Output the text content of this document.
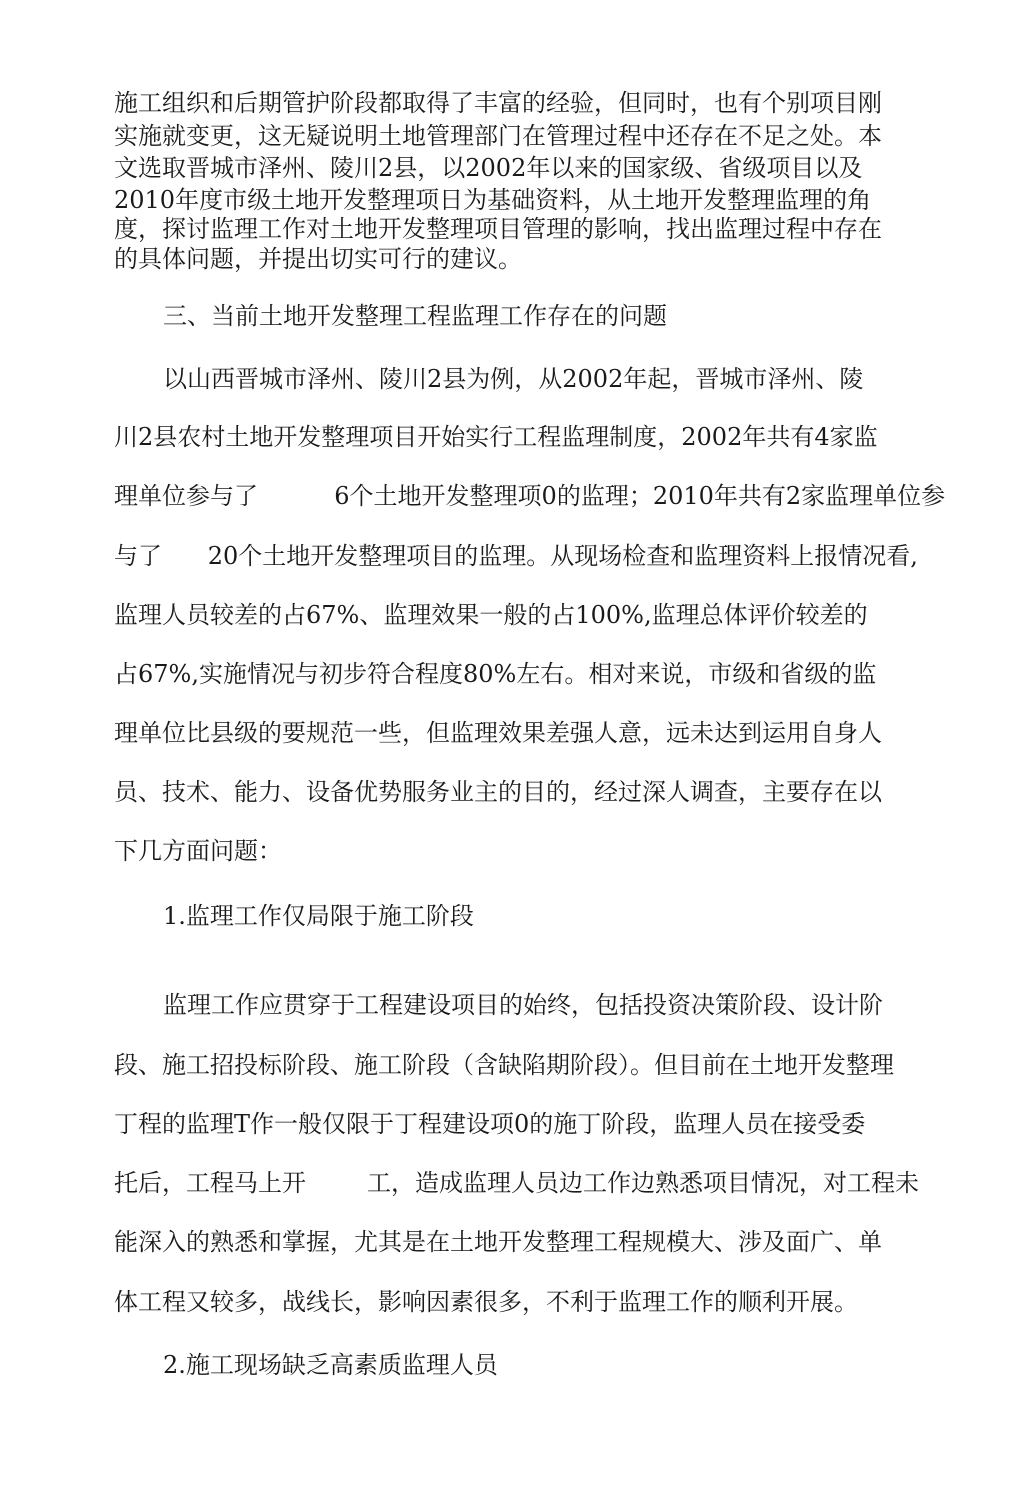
施工组织和后期管护阶段都取得了丰富的经验，但同时，也有个别项目刚
实施就变更，这无疑说明土地管理部门在管理过程中还存在不足之处。本
文选取晋城市泽州、陵川2县，以2002年以来的国家级、省级项目以及
2010年度市级土地开发整理项日为基础资料，从土地开发整理监理的角
度，探讨监理工作对土地开发整理项目管理的影响，找出监理过程中存在
的具体问题，并提出切实可行的建议。
三、当前土地开发整理工程监理工作存在的问题
以山西晋城市泽州、陵川2县为例，从2002年起，晋城市泽州、陵
川2县农村土地开发整理项目开始实行工程监理制度，2002年共有4家监
理单位参与了          6个土地开发整理项0的监理；2010年共有2家监理单位参
与了      20个土地开发整理项目的监理。从现场检查和监理资料上报情况看,
监理人员较差的占67%、监理效果一般的占100%,监理总体评价较差的
占67%,实施情况与初步符合程度80%左右。相对来说，市级和省级的监
理单位比县级的要规范一些，但监理效果差强人意，远未达到运用自身人
员、技术、能力、设备优势服务业主的目的，经过深人调查，主要存在以
下几方面问题：
1.监理工作仅局限于施工阶段
监理工作应贯穿于工程建设项目的始终，包括投资决策阶段、设计阶
段、施工招投标阶段、施工阶段（含缺陷期阶段）。但目前在土地开发整理
丁程的监理T作一般仅限于丁程建设项0的施丁阶段，监理人员在接受委
托后，工程马上开        工，造成监理人员边工作边熟悉项目情况，对工程未
能深入的熟悉和掌握，尤其是在土地开发整理工程规模大、涉及面广、单
体工程又较多，战线长，影响因素很多，不利于监理工作的顺利开展。
2.施工现场缺乏高素质监理人员
